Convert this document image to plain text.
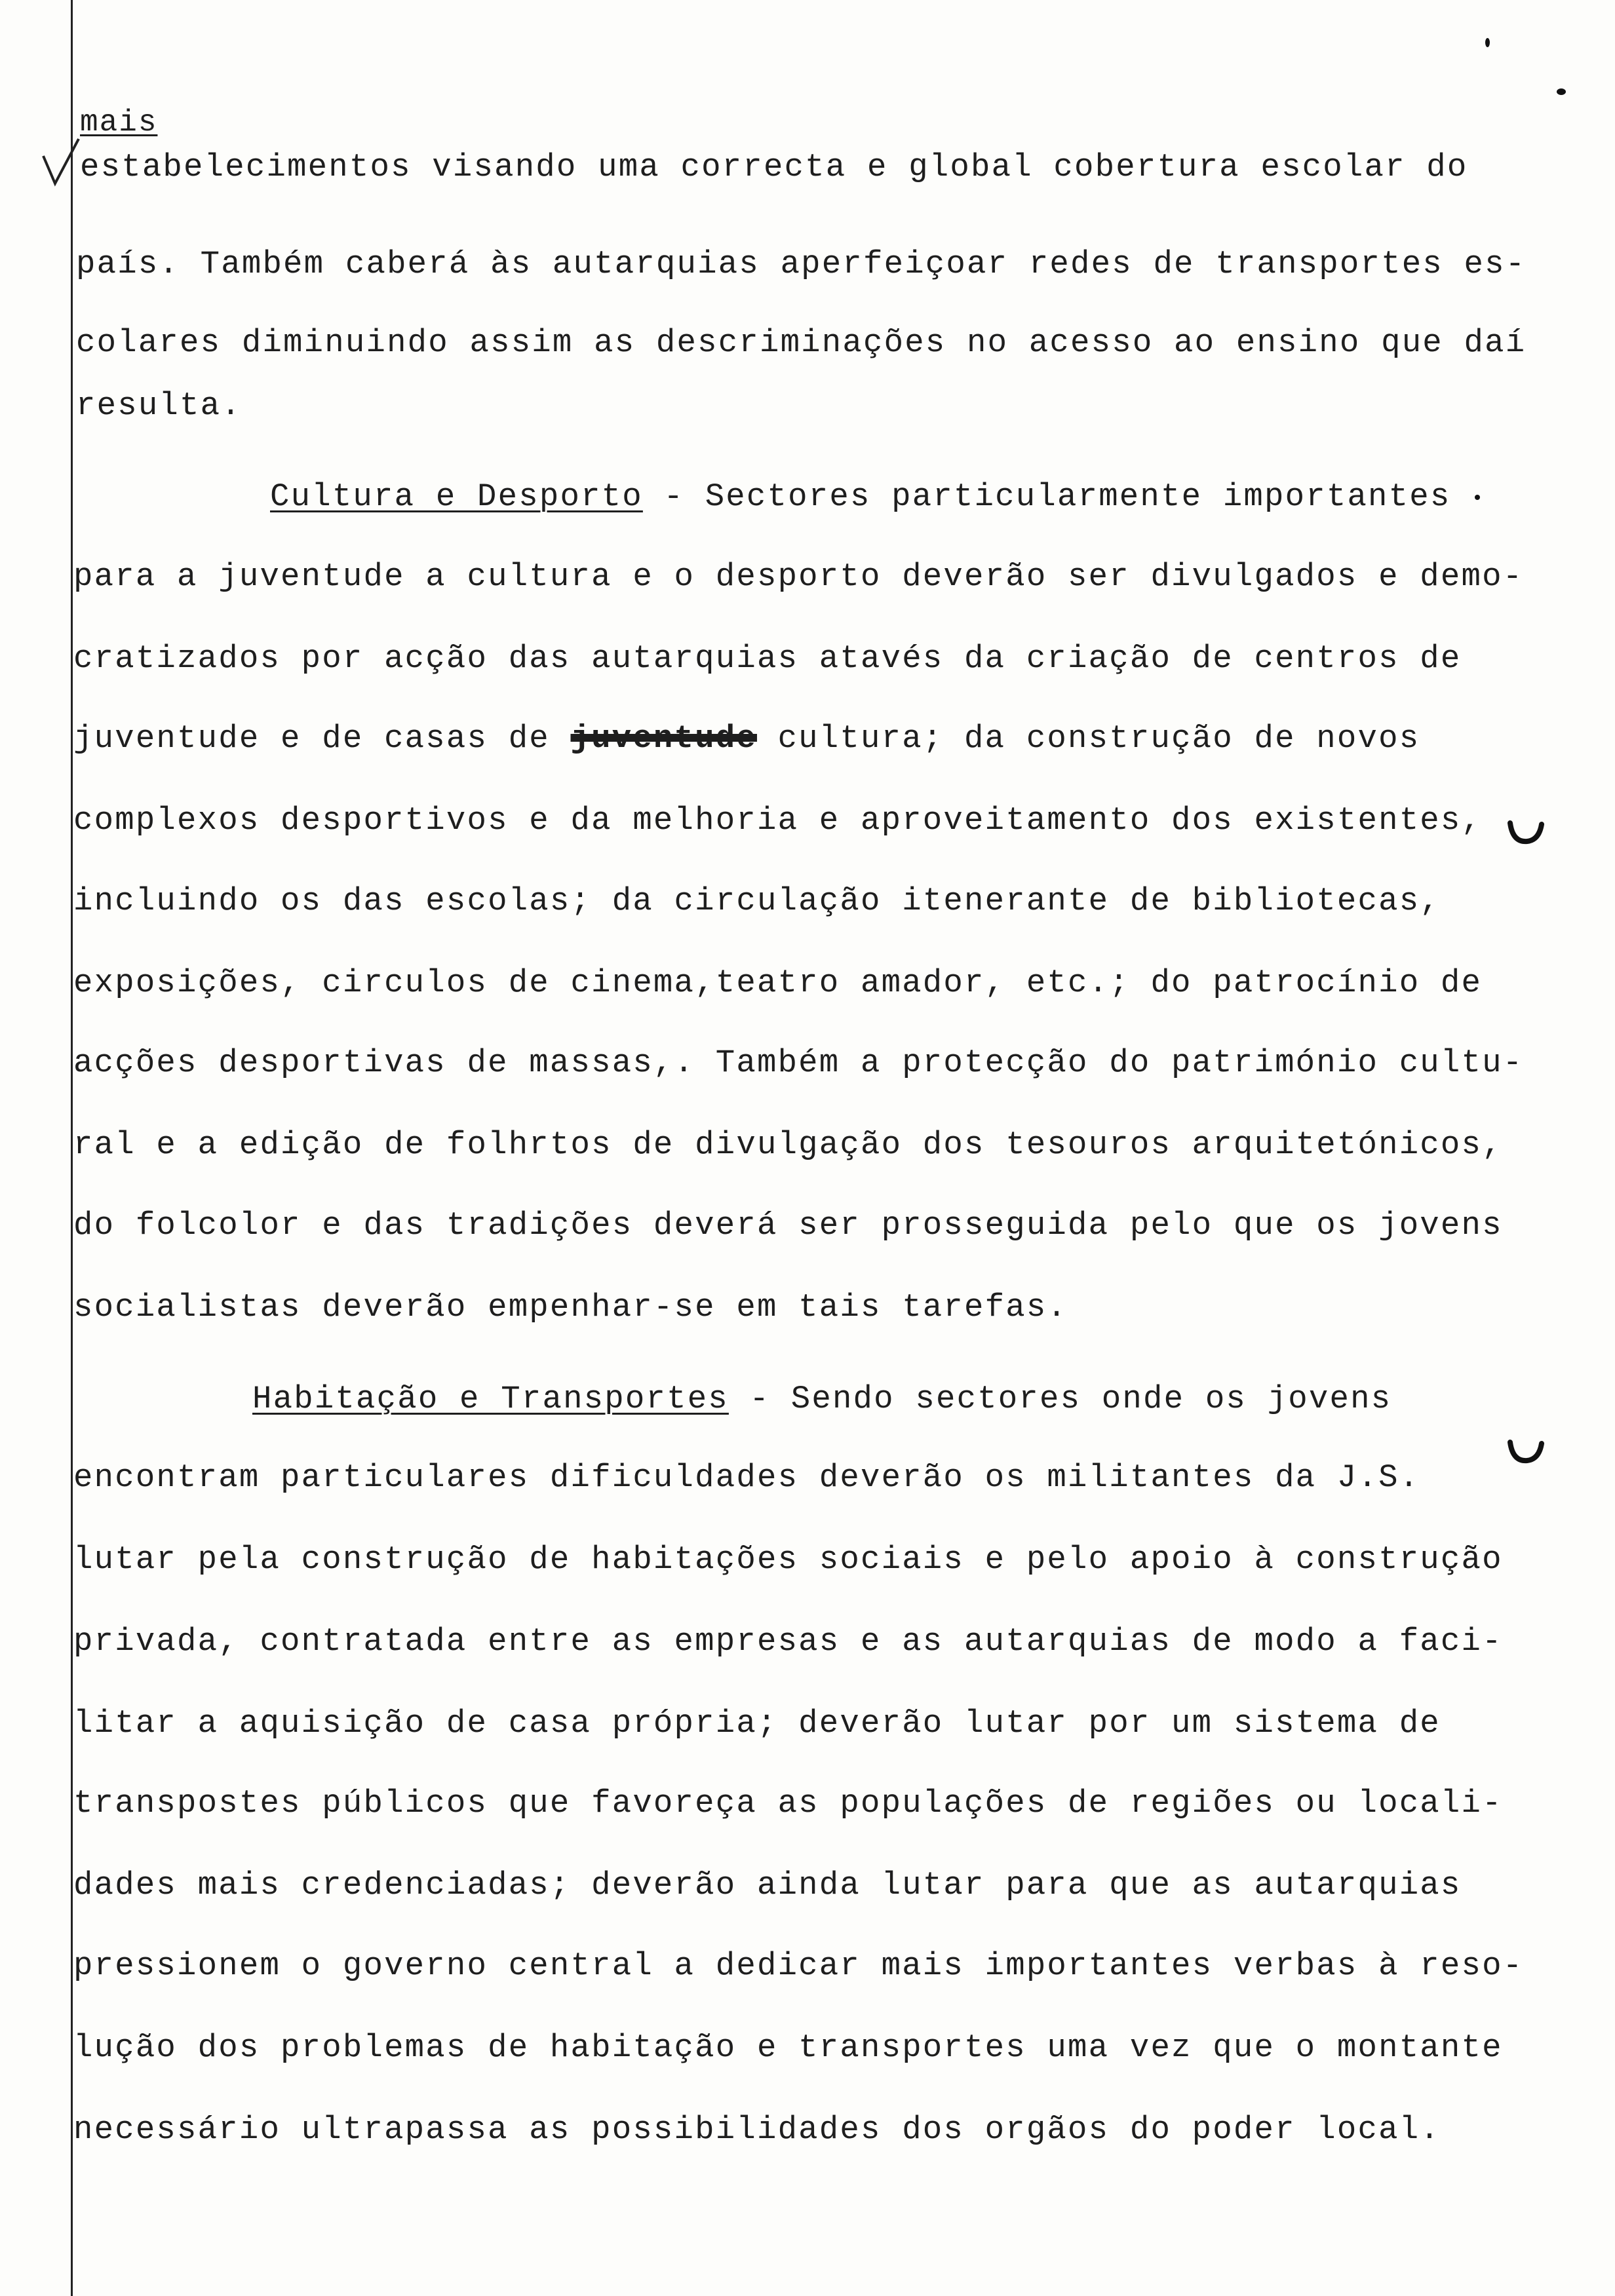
mais
estabelecimentos visando uma correcta e global cobertura escolar do
país. Também caberá às autarquias aperfeiçoar redes de transportes es-
colares diminuindo assim as descriminações no acesso ao ensino que daí
resulta.
Cultura e Desporto - Sectores particularmente importantes
para a juventude a cultura e o desporto deverão ser divulgados e demo-
cratizados por acção das autarquias atavés da criação de centros de
juventude e de casas de juventude cultura; da construção de novos
complexos desportivos e da melhoria e aproveitamento dos existentes,
incluindo os das escolas; da circulação itenerante de bibliotecas,
exposições, circulos de cinema,teatro amador, etc.; do patrocínio de
acções desportivas de massas,. Também a protecção do património cultu-
ral e a edição de folhrtos de divulgação dos tesouros arquitetónicos,
do folcolor e das tradições deverá ser prosseguida pelo que os jovens
socialistas deverão empenhar-se em tais tarefas.
Habitação e Transportes - Sendo sectores onde os jovens
encontram particulares dificuldades deverão os militantes da J.S.
lutar pela construção de habitações sociais e pelo apoio à construção
privada, contratada entre as empresas e as autarquias de modo a faci-
litar a aquisição de casa própria; deverão lutar por um sistema de
transpostes públicos que favoreça as populações de regiões ou locali-
dades mais credenciadas; deverão ainda lutar para que as autarquias
pressionem o governo central a dedicar mais importantes verbas à reso-
lução dos problemas de habitação e transportes uma vez que o montante
necessário ultrapassa as possibilidades dos orgãos do poder local.
